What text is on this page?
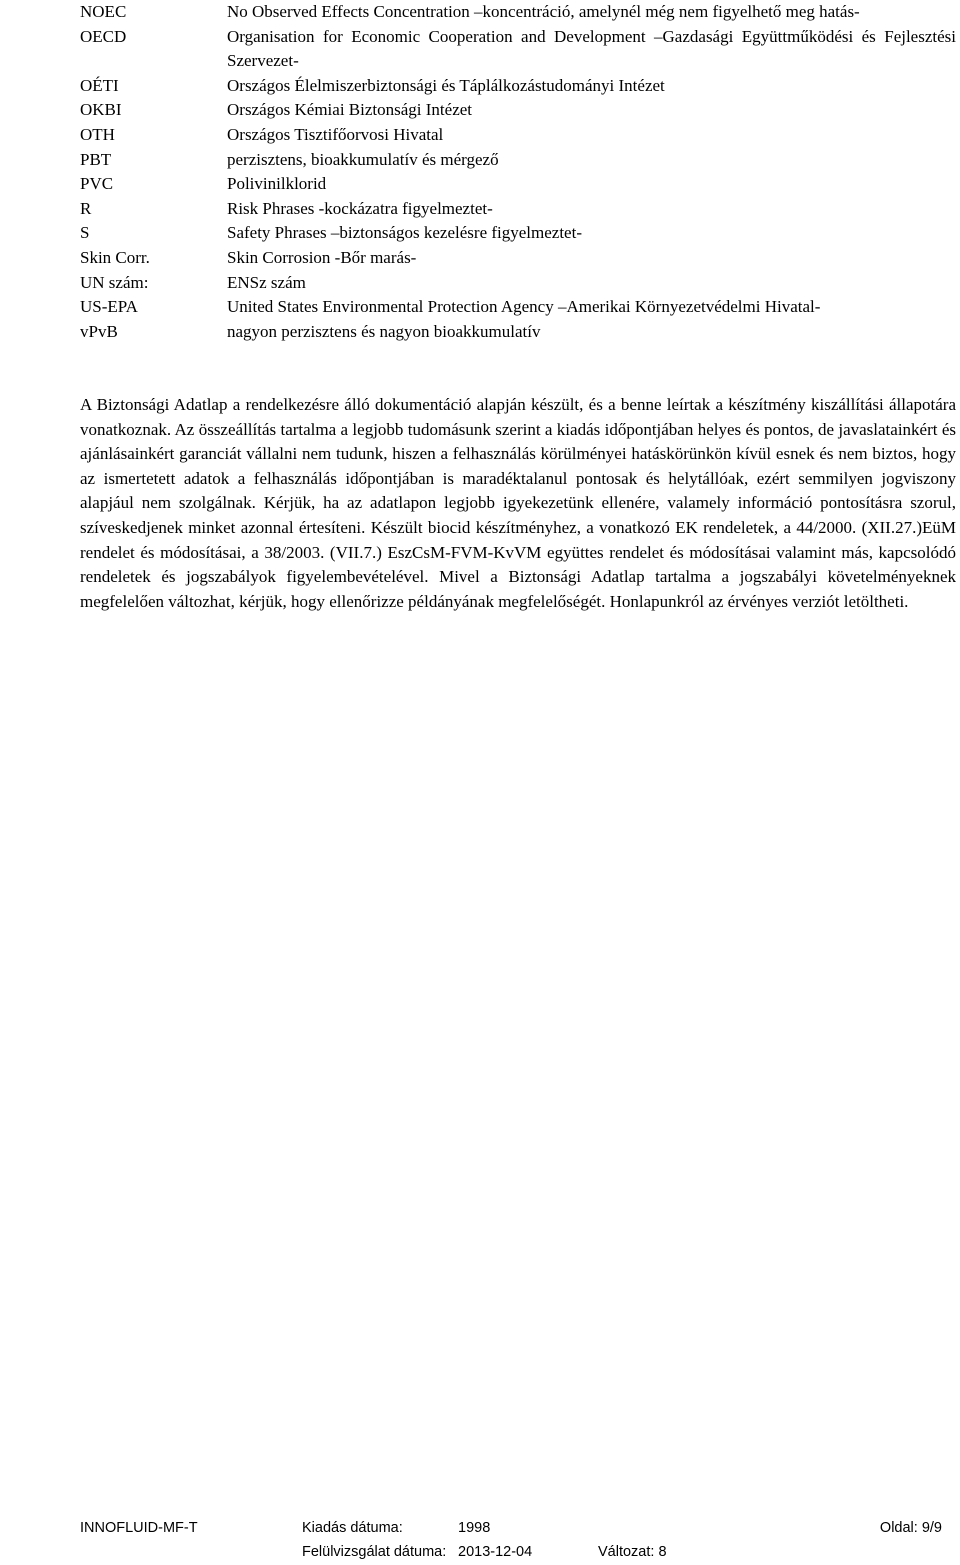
NOEC	No Observed Effects Concentration –koncentráció, amelynél még nem figyelhető meg hatás-
OECD	Organisation for Economic Cooperation and Development –Gazdasági Együttműködési és Fejlesztési Szervezet-
OÉTI	Országos Élelmiszerbiztonsági és Táplálkozástudományi Intézet
OKBI	Országos Kémiai Biztonsági Intézet
OTH	Országos Tisztifőorvosi Hivatal
PBT	perzisztens, bioakkumulatív és mérgező
PVC	Polivinilklorid
R	Risk Phrases -kockázatra figyelmeztet-
S	Safety Phrases –biztonságos kezelésre figyelmeztet-
Skin Corr.	Skin Corrosion -Bőr marás-
UN szám:	ENSz szám
US-EPA	United States Environmental Protection Agency –Amerikai Környezetvédelmi Hivatal-
vPvB	nagyon perzisztens és nagyon bioakkumulatív

A Biztonsági Adatlap a rendelkezésre álló dokumentáció alapján készült, és a benne leírtak a készítmény kiszállítási állapotára vonatkoznak. Az összeállítás tartalma a legjobb tudomásunk szerint a kiadás időpontjában helyes és pontos, de javaslatainkért és ajánlásainkért garanciát vállalni nem tudunk, hiszen a felhasználás körülményei hatáskörünkön kívül esnek és nem biztos, hogy az ismertetett adatok a felhasználás időpontjában is maradéktalanul pontosak és helytállóak, ezért semmilyen jogviszony alapjául nem szolgálnak. Kérjük, ha az adatlapon legjobb igyekezetünk ellenére, valamely információ pontosításra szorul, szíveskedjenek minket azonnal értesíteni. Készült biocid készítményhez, a vonatkozó EK rendeletek, a 44/2000. (XII.27.)EüM rendelet és módosításai, a 38/2003. (VII.7.) EszCsM-FVM-KvVM együttes rendelet és módosításai valamint más, kapcsolódó rendeletek és jogszabályok figyelembevételével. Mivel a Biztonsági Adatlap tartalma a jogszabályi követelményeknek megfelelően változhat, kérjük, hogy ellenőrizze példányának megfelelőségét. Honlapunkról az érvényes verziót letöltheti.

INNOFLUID-MF-T	Kiadás dátuma:	1998	Oldal: 9/9
Felülvizsgálat dátuma: 2013-12-04	Változat: 8
